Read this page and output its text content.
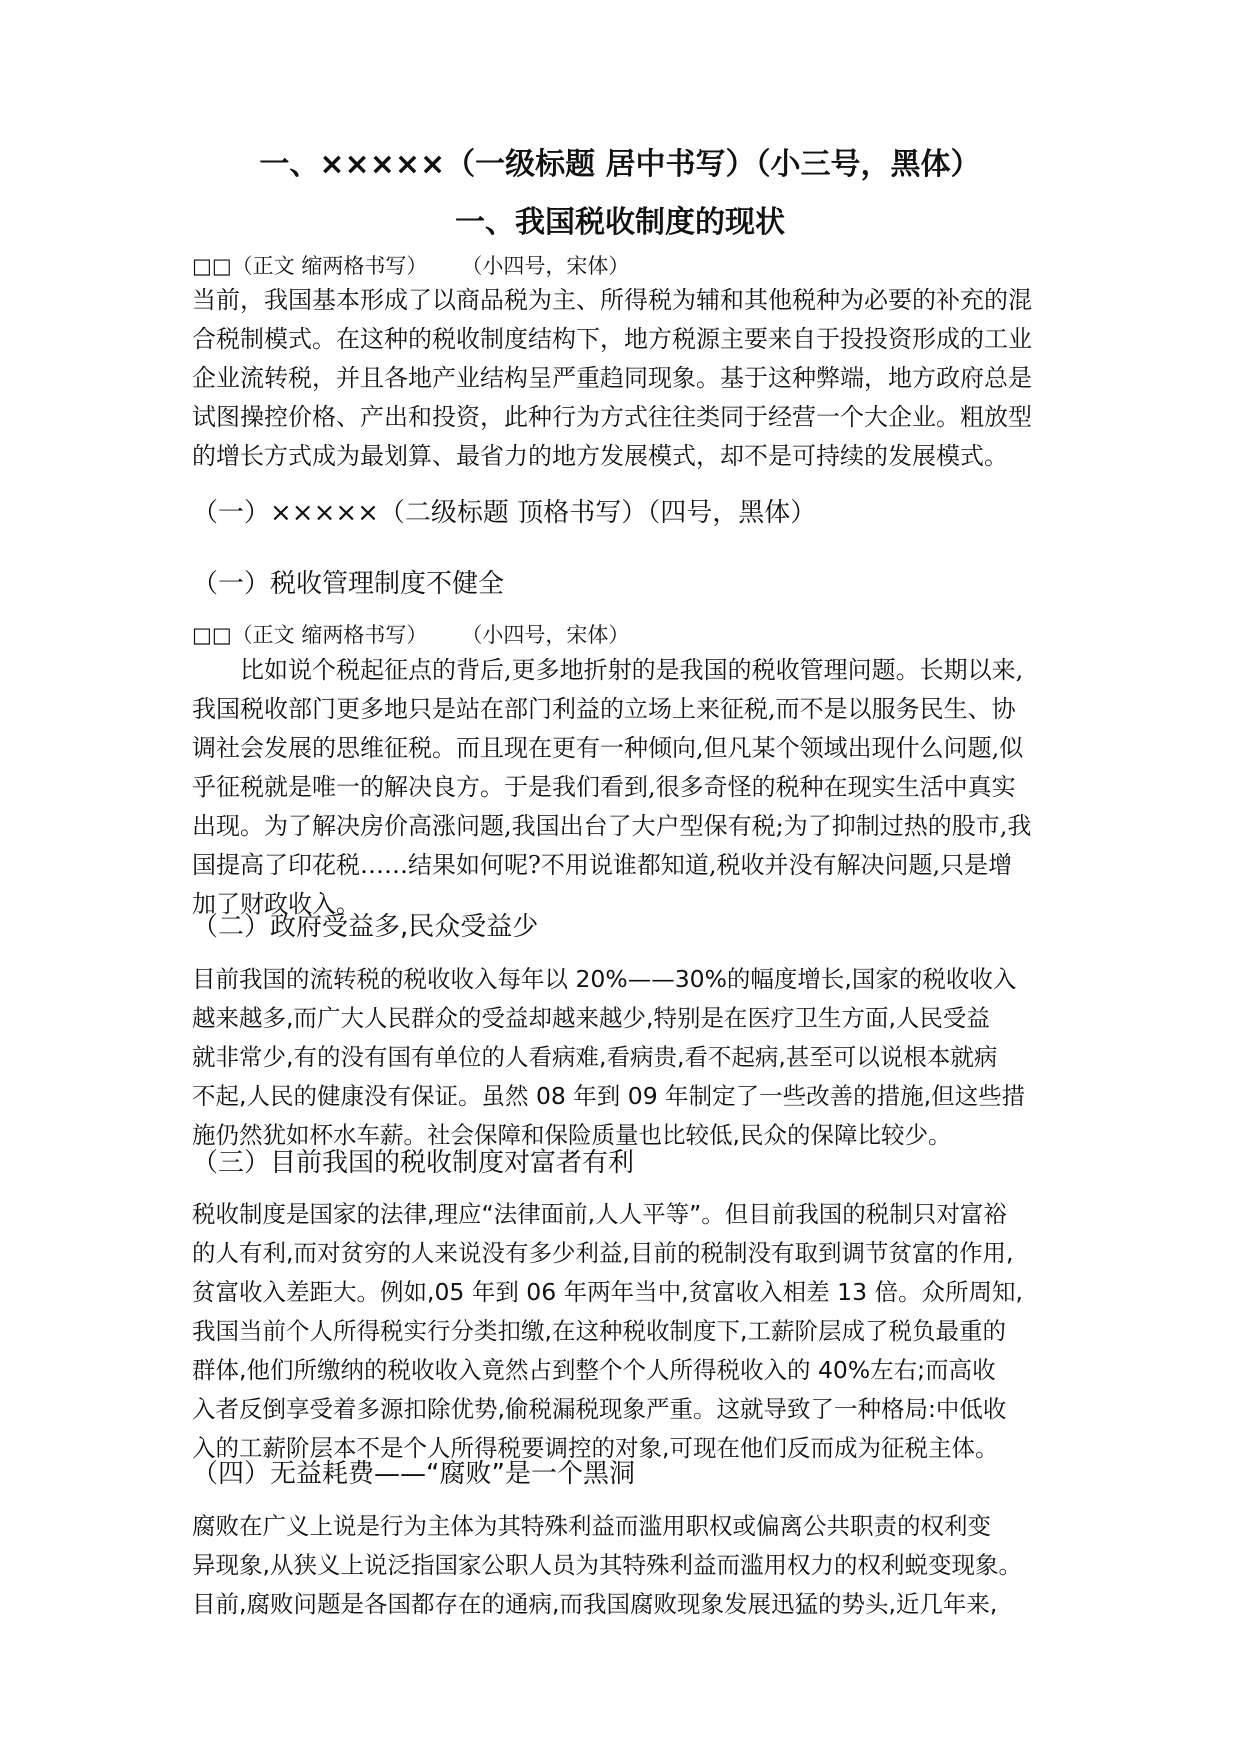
一、×××××（一级标题 居中书写）（小三号，黑体）
一、我国税收制度的现状
□□（正文 缩两格书写） （小四号，宋体）
当前，我国基本形成了以商品税为主、所得税为辅和其他税种为必要的补充的混
合税制模式。在这种的税收制度结构下，地方税源主要来自于投投资形成的工业
企业流转税，并且各地产业结构呈严重趋同现象。基于这种弊端，地方政府总是
试图操控价格、产出和投资，此种行为方式往往类同于经营一个大企业。粗放型
的增长方式成为最划算、最省力的地方发展模式，却不是可持续的发展模式。
（一）×××××（二级标题 顶格书写）（四号，黑体）
（一）税收管理制度不健全
□□（正文 缩两格书写） （小四号，宋体）
比如说个税起征点的背后,更多地折射的是我国的税收管理问题。长期以来,
我国税收部门更多地只是站在部门利益的立场上来征税,而不是以服务民生、协
调社会发展的思维征税。而且现在更有一种倾向,但凡某个领域出现什么问题,似
乎征税就是唯一的解决良方。于是我们看到,很多奇怪的税种在现实生活中真实
出现。为了解决房价高涨问题,我国出台了大户型保有税;为了抑制过热的股市,我
国提高了印花税……结果如何呢?不用说谁都知道,税收并没有解决问题,只是增
加了财政收入。
（二）政府受益多,民众受益少
目前我国的流转税的税收收入每年以 20%——30%的幅度增长,国家的税收收入
越来越多,而广大人民群众的受益却越来越少,特别是在医疗卫生方面,人民受益
就非常少,有的没有国有单位的人看病难,看病贵,看不起病,甚至可以说根本就病
不起,人民的健康没有保证。虽然 08 年到 09 年制定了一些改善的措施,但这些措
施仍然犹如杯水车薪。社会保障和保险质量也比较低,民众的保障比较少。
（三）目前我国的税收制度对富者有利
税收制度是国家的法律,理应“法律面前,人人平等”。但目前我国的税制只对富裕
的人有利,而对贫穷的人来说没有多少利益,目前的税制没有取到调节贫富的作用,
贫富收入差距大。例如,05 年到 06 年两年当中,贫富收入相差 13 倍。众所周知,
我国当前个人所得税实行分类扣缴,在这种税收制度下,工薪阶层成了税负最重的
群体,他们所缴纳的税收收入竟然占到整个个人所得税收入的 40%左右;而高收
入者反倒享受着多源扣除优势,偷税漏税现象严重。这就导致了一种格局:中低收
入的工薪阶层本不是个人所得税要调控的对象,可现在他们反而成为征税主体。
（四）无益耗费——“腐败”是一个黑洞
腐败在广义上说是行为主体为其特殊利益而滥用职权或偏离公共职责的权利变
异现象,从狭义上说泛指国家公职人员为其特殊利益而滥用权力的权利蜕变现象。
目前,腐败问题是各国都存在的通病,而我国腐败现象发展迅猛的势头,近几年来,
